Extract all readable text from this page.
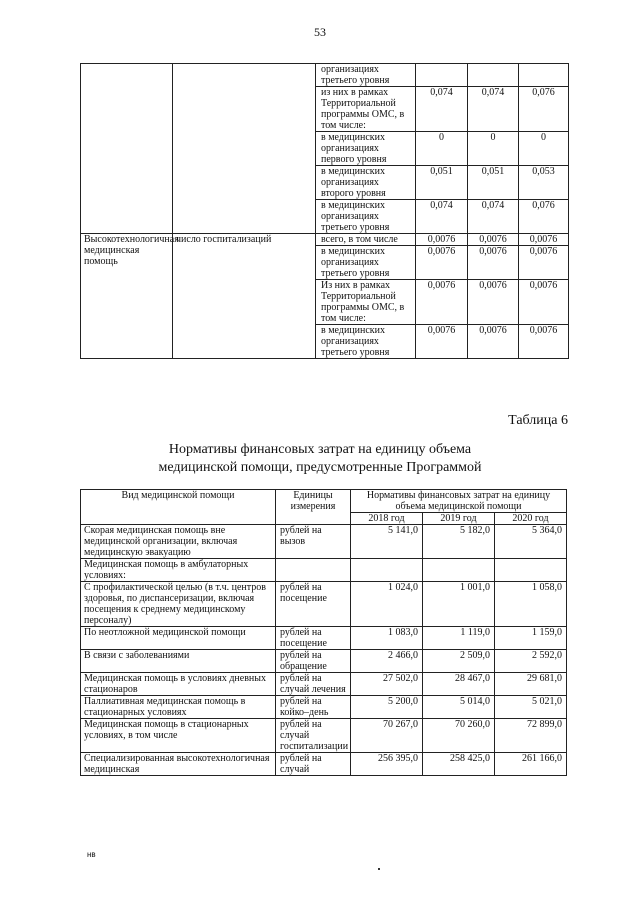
53
		организациях третьего уровня			
		из них в рамках Территориальной программы ОМС, в том числе:	0,074	0,074	0,076
		в медицинских организациях первого уровня	0	0	0
		в медицинских организациях второго уровня	0,051	0,051	0,053
		в медицинских организациях третьего уровня	0,074	0,074	0,076
Высокотехнологичная медицинская помощь	число госпитализаций	всего, в том числе	0,0076	0,0076	0,0076
		в медицинских организациях третьего уровня	0,0076	0,0076	0,0076
		Из них в рамках Территориальной программы ОМС, в том числе:	0,0076	0,0076	0,0076
		в медицинских организациях третьего уровня	0,0076	0,0076	0,0076
Таблица 6
Нормативы финансовых затрат на единицу объема
медицинской помощи, предусмотренные Программой
Вид медицинской помощи	Единицы измерения	Нормативы финансовых затрат на единицу объема медицинской помощи		
		2018 год	2019 год	2020 год
Скорая медицинская помощь вне медицинской организации, включая медицинскую эвакуацию	рублей на вызов	5 141,0	5 182,0	5 364,0
Медицинская помощь в амбулаторных условиях:				
С профилактической целью (в т.ч. центров здоровья, по диспансеризации, включая посещения к среднему медицинскому персоналу)	рублей на посещение	1 024,0	1 001,0	1 058,0
По неотложной медицинской помощи	рублей на посещение	1 083,0	1 119,0	1 159,0
В связи с заболеваниями	рублей на обращение	2 466,0	2 509,0	2 592,0
Медицинская помощь в условиях дневных стационаров	рублей на случай лечения	27 502,0	28 467,0	29 681,0
Паллиативная медицинская помощь в стационарных условиях	рублей на койко–день	5 200,0	5 014,0	5 021,0
Медицинская помощь в стационарных условиях, в том числе	рублей на случай госпитализации	70 267,0	70 260,0	72 899,0
Специализированная высокотехнологичная медицинская	рублей на случай	256 395,0	258 425,0	261 166,0
нв
